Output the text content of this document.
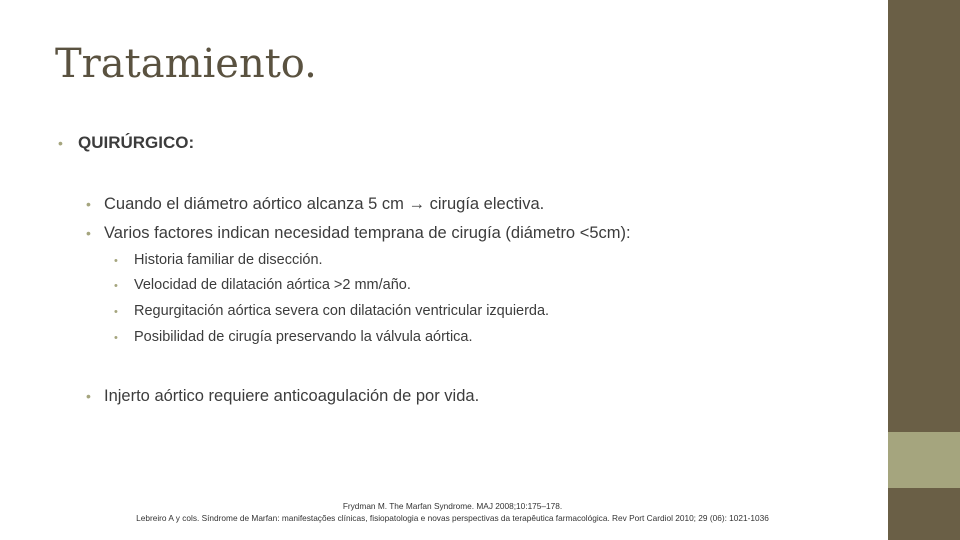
Tratamiento.
• QUIRÚRGICO:
• Cuando el diámetro aórtico alcanza 5 cm → cirugía electiva.
• Varios factores indican necesidad temprana de cirugía (diámetro <5cm):
• Historia familiar de disección.
• Velocidad de dilatación aórtica >2 mm/año.
• Regurgitación aórtica severa con dilatación ventricular izquierda.
• Posibilidad de cirugía preservando la válvula aórtica.
• Injerto aórtico requiere anticoagulación de por vida.
Frydman M. The Marfan Syndrome. MAJ 2008;10:175–178.
Lebreiro A y cols. Síndrome de Marfan: manifestações clínicas, fisiopatologia e novas perspectivas da terapêutica farmacológica. Rev Port Cardiol 2010; 29 (06): 1021-1036
